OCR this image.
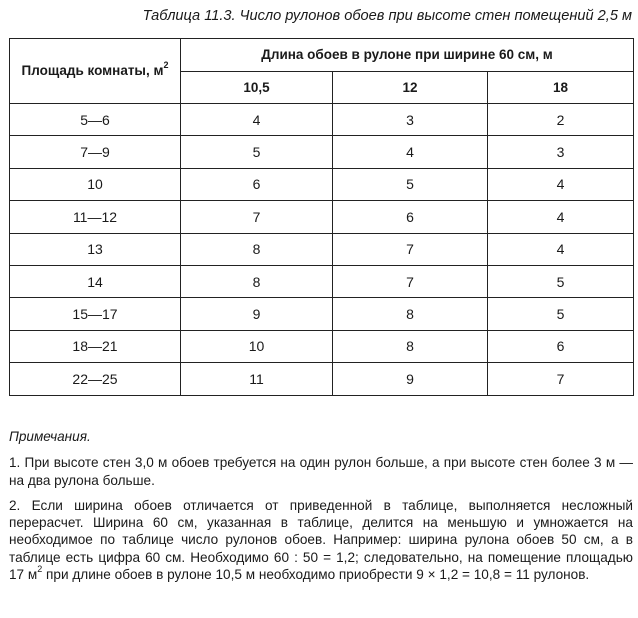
Таблица 11.3. Число рулонов обоев при высоте стен помещений 2,5 м
Площадь комнаты, $м^2$	Длина обоев в рулоне при ширине 60 см, м		
	10,5	12	18
5—6	4	3	2
7—9	5	4	3
10	6	5	4
11—12	7	6	4
13	8	7	4
14	8	7	5
15—17	9	8	5
18—21	10	8	6
22—25	11	9	7
Примечания.

1. При высоте стен 3,0 м обоев требуется на один рулон больше, а при высоте стен более 3 м — на два рулона больше.

2. Если ширина обоев отличается от приведенной в таблице, выполняется несложный перерасчет. Ширина 60 см, указанная в таблице, делится на меньшую и умножается на необходимое по таблице число рулонов обоев. Например: ширина рулона обоев 50 см, а в таблице есть цифра 60 см. Необходимо 60 : 50 = 1,2; следовательно, на помещение площадью 17 $м^2$ при длине обоев в рулоне 10,5 м необходимо приобрести 9 × 1,2 = 10,8 = 11 рулонов.
